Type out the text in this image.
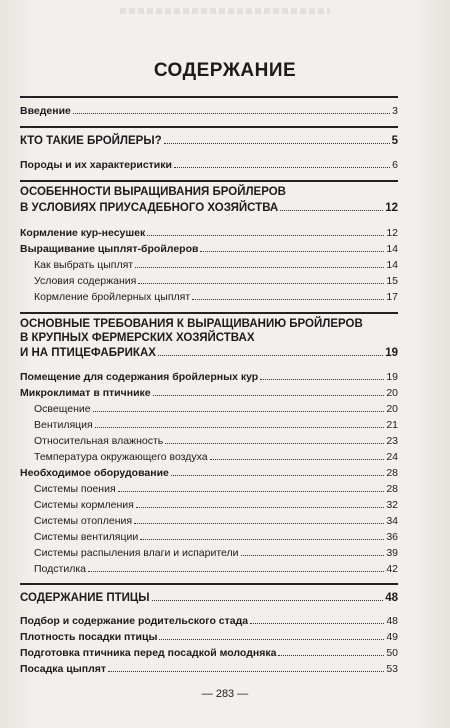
СОДЕРЖАНИЕ
Введение	3
КТО ТАКИЕ БРОЙЛЕРЫ?	5
Породы и их характеристики	6
ОСОБЕННОСТИ ВЫРАЩИВАНИЯ БРОЙЛЕРОВ
В УСЛОВИЯХ ПРИУСАДЕБНОГО ХОЗЯЙСТВА	12
Кормление кур-несушек	12
Выращивание цыплят-бройлеров	14
Как выбрать цыплят	14
Условия содержания	15
Кормление бройлерных цыплят	17
ОСНОВНЫЕ ТРЕБОВАНИЯ К ВЫРАЩИВАНИЮ БРОЙЛЕРОВ
В КРУПНЫХ ФЕРМЕРСКИХ ХОЗЯЙСТВАХ
И НА ПТИЦЕФАБРИКАХ	19
Помещение для содержания бройлерных кур	19
Микроклимат в птичнике	20
Освещение	20
Вентиляция	21
Относительная влажность	23
Температура окружающего воздуха	24
Необходимое оборудование	28
Системы поения	28
Системы кормления	32
Системы отопления	34
Системы вентиляции	36
Системы распыления влаги и испарители	39
Подстилка	42
СОДЕРЖАНИЕ ПТИЦЫ	48
Подбор и содержание родительского стада	48
Плотность посадки птицы	49
Подготовка птичника перед посадкой молодняка	50
Посадка цыплят	53
— 283 —
